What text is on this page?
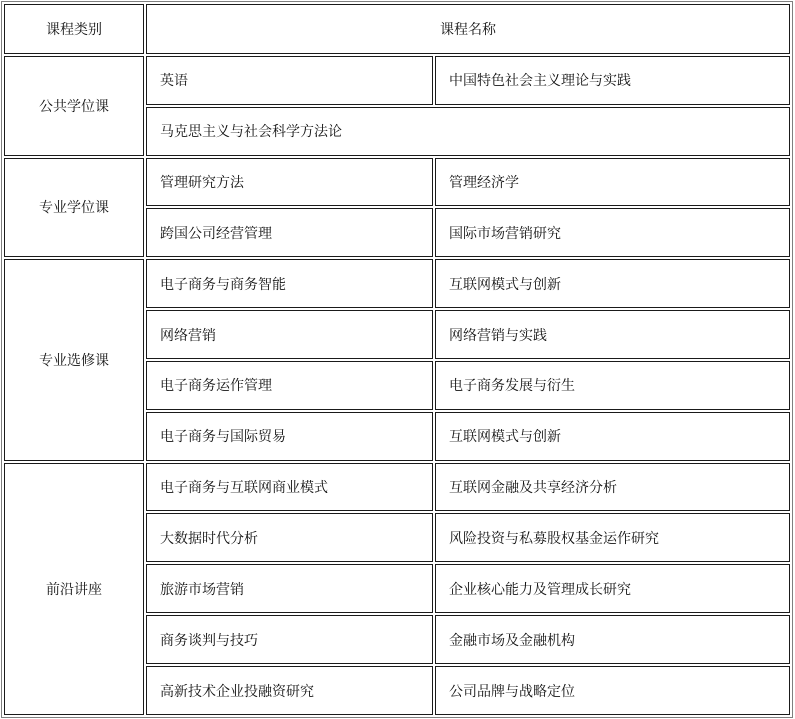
课程类别	课程名称	
公共学位课	英语	中国特色社会主义理论与实践
	马克思主义与社会科学方法论	
专业学位课	管理研究方法	管理经济学
	跨国公司经营管理	国际市场营销研究
专业选修课	电子商务与商务智能	互联网模式与创新
	网络营销	网络营销与实践
	电子商务运作管理	电子商务发展与衍生
	电子商务与国际贸易	互联网模式与创新
前沿讲座	电子商务与互联网商业模式	互联网金融及共享经济分析
	大数据时代分析	风险投资与私募股权基金运作研究
	旅游市场营销	企业核心能力及管理成长研究
	商务谈判与技巧	金融市场及金融机构
	高新技术企业投融资研究	公司品牌与战略定位
